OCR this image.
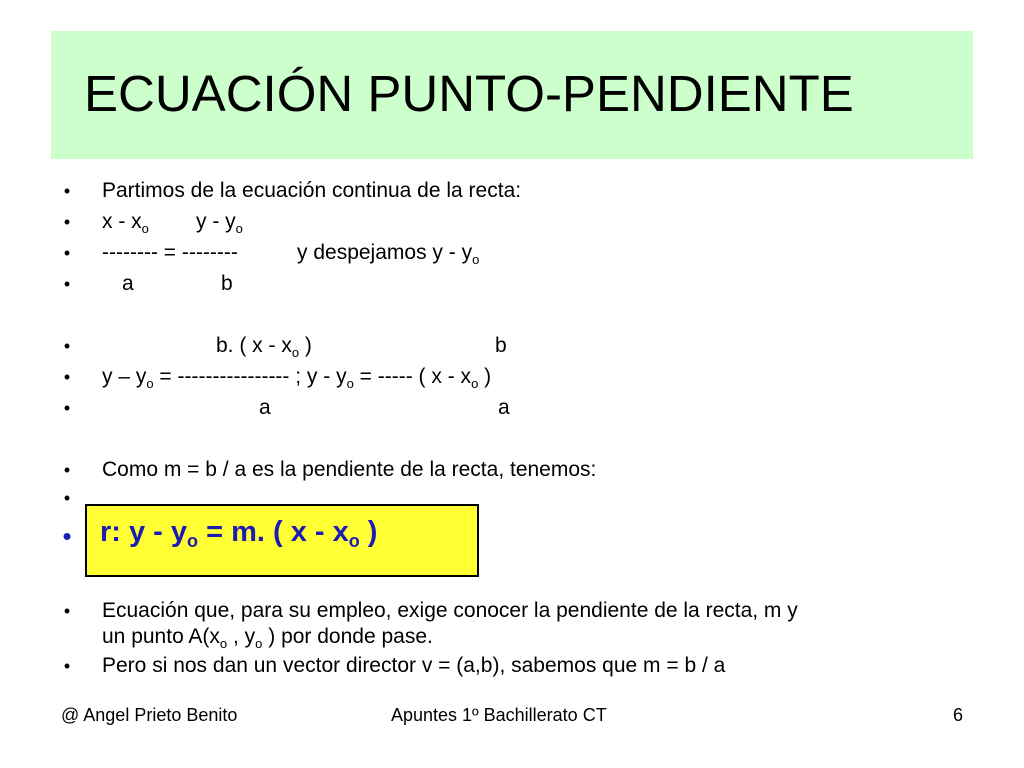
ECUACIÓN PUNTO-PENDIENTE
• Partimos de la ecuación continua de la recta:
• x - $x_o$ y - $y_o$
• -------- = --------	y despejamos y - $y_o$
• a	b
•	b. ( x - $x_o$ )	b
• y – $y_o$ = ---------------- ; y - $y_o$ = ----- ( x - $x_o$ )
•	a	a
• Como m = b / a es la pendiente de la recta, tenemos:
•
• r: $y - y_o = m$. ( x - $x_o$ )
• Ecuación que, para su empleo, exige conocer la pendiente de la recta, m y
un punto $A(x_o$ , $y_o$ ) por donde pase.
• Pero si nos dan un vector director v = (a,b), sabemos que m = b / a
@ Angel Prieto Benito	Apuntes 1º Bachillerato CT	6
